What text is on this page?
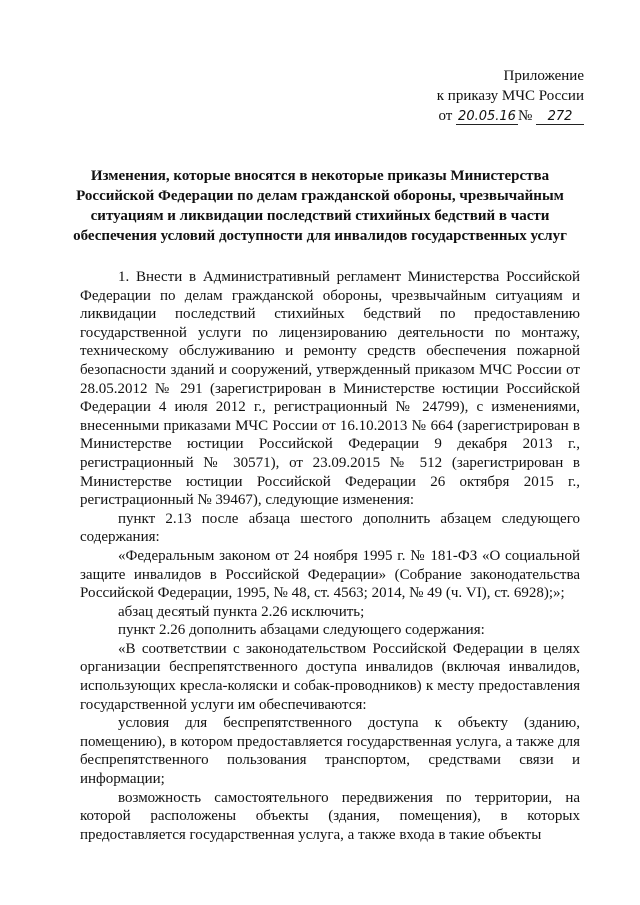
Приложение
к приказу МЧС России
от 20.05.16 № 272
Изменения, которые вносятся в некоторые приказы Министерства Российской Федерации по делам гражданской обороны, чрезвычайным ситуациям и ликвидации последствий стихийных бедствий в части обеспечения условий доступности для инвалидов государственных услуг

1. Внести в Административный регламент Министерства Российской Федерации по делам гражданской обороны, чрезвычайным ситуациям и ликвидации последствий стихийных бедствий по предоставлению государственной услуги по лицензированию деятельности по монтажу, техническому обслуживанию и ремонту средств обеспечения пожарной безопасности зданий и сооружений, утвержденный приказом МЧС России от 28.05.2012 № 291 (зарегистрирован в Министерстве юстиции Российской Федерации 4 июля 2012 г., регистрационный № 24799), с изменениями, внесенными приказами МЧС России от 16.10.2013 № 664 (зарегистрирован в Министерстве юстиции Российской Федерации 9 декабря 2013 г., регистрационный № 30571), от 23.09.2015 № 512 (зарегистрирован в Министерстве юстиции Российской Федерации 26 октября 2015 г., регистрационный № 39467), следующие изменения:

пункт 2.13 после абзаца шестого дополнить абзацем следующего содержания:

«Федеральным законом от 24 ноября 1995 г. № 181-ФЗ «О социальной защите инвалидов в Российской Федерации» (Собрание законодательства Российской Федерации, 1995, № 48, ст. 4563; 2014, № 49 (ч. VI), ст. 6928);»;

абзац десятый пункта 2.26 исключить;

пункт 2.26 дополнить абзацами следующего содержания:

«В соответствии с законодательством Российской Федерации в целях организации беспрепятственного доступа инвалидов (включая инвалидов, использующих кресла-коляски и собак-проводников) к месту предоставления государственной услуги им обеспечиваются:

условия для беспрепятственного доступа к объекту (зданию, помещению), в котором предоставляется государственная услуга, а также для беспрепятственного пользования транспортом, средствами связи и информации;

возможность самостоятельного передвижения по территории, на которой расположены объекты (здания, помещения), в которых предоставляется государственная услуга, а также входа в такие объекты
